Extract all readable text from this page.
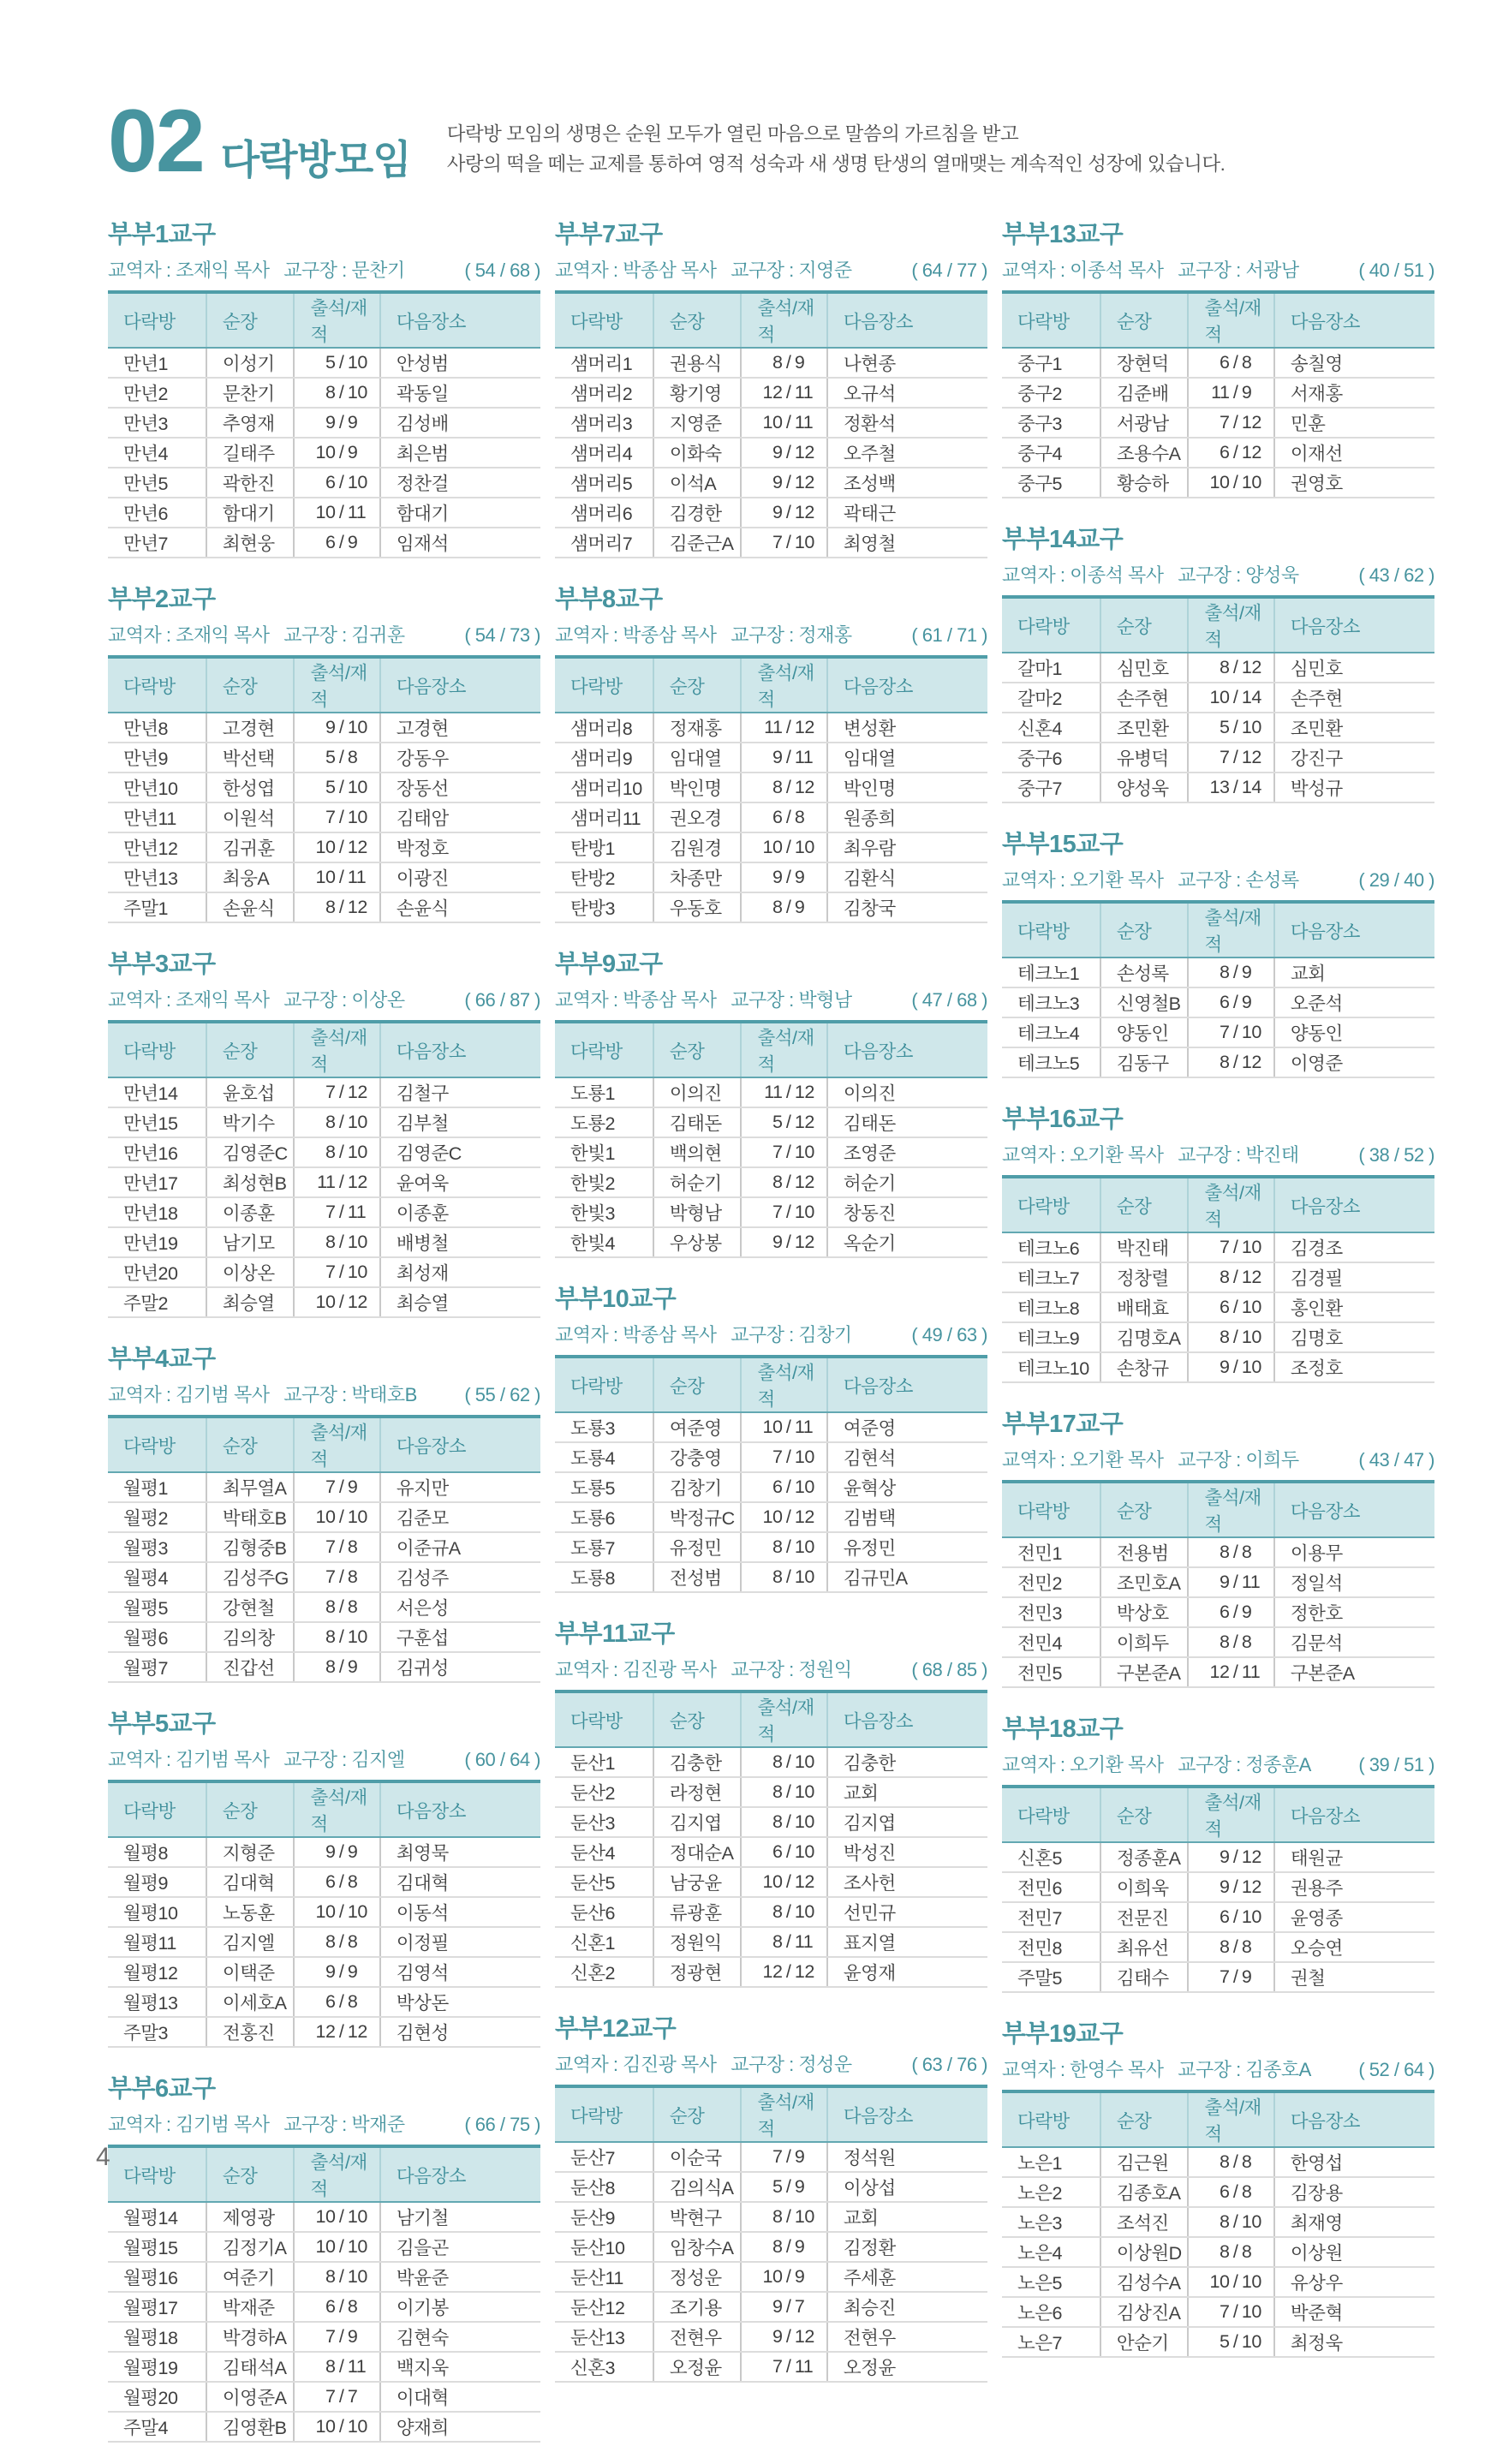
02 다락방모임

다락방 모임의 생명은 순원 모두가 열린 마음으로 말씀의 가르침을 받고
사랑의 떡을 떼는 교제를 통하여 영적 성숙과 새 생명 탄생의 열매맺는 계속적인 성장에 있습니다.

부부1교구
교역자 : 조재익 목사   교구장 : 문찬기	( 54 / 68 )
다락방	순장	출석/재적	다음장소
만년1	이성기	5 / 10	안성범
만년2	문찬기	8 / 10	곽동일
만년3	추영재	9 / 9	김성배
만년4	길태주	10 / 9	최은범
만년5	곽한진	6 / 10	정찬걸
만년6	함대기	10 / 11	함대기
만년7	최현웅	6 / 9	임재석
부부2교구
교역자 : 조재익 목사   교구장 : 김귀훈	( 54 / 73 )
다락방	순장	출석/재적	다음장소
만년8	고경현	9 / 10	고경현
만년9	박선택	5 / 8	강동우
만년10	한성엽	5 / 10	장동선
만년11	이원석	7 / 10	김태암
만년12	김귀훈	10 / 12	박정호
만년13	최웅A	10 / 11	이광진
주말1	손윤식	8 / 12	손윤식
부부3교구
교역자 : 조재익 목사   교구장 : 이상온	( 66 / 87 )
다락방	순장	출석/재적	다음장소
만년14	윤호섭	7 / 12	김철구
만년15	박기수	8 / 10	김부철
만년16	김영준C	8 / 10	김영준C
만년17	최성현B	11 / 12	윤여욱
만년18	이종훈	7 / 11	이종훈
만년19	남기모	8 / 10	배병철
만년20	이상온	7 / 10	최성재
주말2	최승열	10 / 12	최승열
부부4교구
교역자 : 김기범 목사   교구장 : 박태호B	( 55 / 62 )
다락방	순장	출석/재적	다음장소
월평1	최무열A	7 / 9	유지만
월평2	박태호B	10 / 10	김준모
월평3	김형중B	7 / 8	이준규A
월평4	김성주G	7 / 8	김성주
월평5	강현철	8 / 8	서은성
월평6	김의창	8 / 10	구훈섭
월평7	진갑선	8 / 9	김귀성
부부5교구
교역자 : 김기범 목사   교구장 : 김지엘	( 60 / 64 )
다락방	순장	출석/재적	다음장소
월평8	지형준	9 / 9	최영묵
월평9	김대혁	6 / 8	김대혁
월평10	노동훈	10 / 10	이동석
월평11	김지엘	8 / 8	이정필
월평12	이택준	9 / 9	김영석
월평13	이세호A	6 / 8	박상돈
주말3	전홍진	12 / 12	김현성
부부6교구
교역자 : 김기범 목사   교구장 : 박재준	( 66 / 75 )
다락방	순장	출석/재적	다음장소
월평14	제영광	10 / 10	남기철
월평15	김정기A	10 / 10	김을곤
월평16	여준기	8 / 10	박윤준
월평17	박재준	6 / 8	이기봉
월평18	박경하A	7 / 9	김현숙
월평19	김태석A	8 / 11	백지욱
월평20	이영준A	7 / 7	이대혁
주말4	김영환B	10 / 10	양재희
부부7교구
교역자 : 박종삼 목사   교구장 : 지영준	( 64 / 77 )
다락방	순장	출석/재적	다음장소
샘머리1	권용식	8 / 9	나현종
샘머리2	황기영	12 / 11	오규석
샘머리3	지영준	10 / 11	정환석
샘머리4	이화숙	9 / 12	오주철
샘머리5	이석A	9 / 12	조성백
샘머리6	김경한	9 / 12	곽태근
샘머리7	김준근A	7 / 10	최영철
부부8교구
교역자 : 박종삼 목사   교구장 : 정재홍	( 61 / 71 )
다락방	순장	출석/재적	다음장소
샘머리8	정재홍	11 / 12	변성환
샘머리9	임대열	9 / 11	임대열
샘머리10	박인명	8 / 12	박인명
샘머리11	권오경	6 / 8	원종희
탄방1	김원경	10 / 10	최우람
탄방2	차종만	9 / 9	김환식
탄방3	우동호	8 / 9	김창국
부부9교구
교역자 : 박종삼 목사   교구장 : 박형남	( 47 / 68 )
다락방	순장	출석/재적	다음장소
도룡1	이의진	11 / 12	이의진
도룡2	김태돈	5 / 12	김태돈
한빛1	백의현	7 / 10	조영준
한빛2	허순기	8 / 12	허순기
한빛3	박형남	7 / 10	창동진
한빛4	우상봉	9 / 12	옥순기
부부10교구
교역자 : 박종삼 목사   교구장 : 김창기	( 49 / 63 )
다락방	순장	출석/재적	다음장소
도룡3	여준영	10 / 11	여준영
도룡4	강충영	7 / 10	김현석
도룡5	김창기	6 / 10	윤혁상
도룡6	박정규C	10 / 12	김범택
도룡7	유정민	8 / 10	유정민
도룡8	전성범	8 / 10	김규민A
부부11교구
교역자 : 김진광 목사   교구장 : 정원익	( 68 / 85 )
다락방	순장	출석/재적	다음장소
둔산1	김충한	8 / 10	김충한
둔산2	라정현	8 / 10	교회
둔산3	김지엽	8 / 10	김지엽
둔산4	정대순A	6 / 10	박성진
둔산5	남궁윤	10 / 12	조사헌
둔산6	류광훈	8 / 10	선민규
신혼1	정원익	8 / 11	표지열
신혼2	정광현	12 / 12	윤영재
부부12교구
교역자 : 김진광 목사   교구장 : 정성운	( 63 / 76 )
다락방	순장	출석/재적	다음장소
둔산7	이순국	7 / 9	정석원
둔산8	김의식A	5 / 9	이상섭
둔산9	박현구	8 / 10	교회
둔산10	임창수A	8 / 9	김정환
둔산11	정성운	10 / 9	주세훈
둔산12	조기용	9 / 7	최승진
둔산13	전현우	9 / 12	전현우
신혼3	오정윤	7 / 11	오정윤
부부13교구
교역자 : 이종석 목사   교구장 : 서광남	( 40 / 51 )
다락방	순장	출석/재적	다음장소
중구1	장현덕	6 / 8	송칠영
중구2	김준배	11 / 9	서재홍
중구3	서광남	7 / 12	민훈
중구4	조용수A	6 / 12	이재선
중구5	황승하	10 / 10	권영호
부부14교구
교역자 : 이종석 목사   교구장 : 양성욱	( 43 / 62 )
다락방	순장	출석/재적	다음장소
갈마1	심민호	8 / 12	심민호
갈마2	손주현	10 / 14	손주현
신혼4	조민환	5 / 10	조민환
중구6	유병덕	7 / 12	강진구
중구7	양성욱	13 / 14	박성규
부부15교구
교역자 : 오기환 목사   교구장 : 손성록	( 29 / 40 )
다락방	순장	출석/재적	다음장소
테크노1	손성록	8 / 9	교회
테크노3	신영철B	6 / 9	오준석
테크노4	양동인	7 / 10	양동인
테크노5	김동구	8 / 12	이영준
부부16교구
교역자 : 오기환 목사   교구장 : 박진태	( 38 / 52 )
다락방	순장	출석/재적	다음장소
테크노6	박진태	7 / 10	김경조
테크노7	정창렬	8 / 12	김경필
테크노8	배태효	6 / 10	홍인환
테크노9	김명호A	8 / 10	김명호
테크노10	손창규	9 / 10	조정호
부부17교구
교역자 : 오기환 목사   교구장 : 이희두	( 43 / 47 )
다락방	순장	출석/재적	다음장소
전민1	전용범	8 / 8	이용무
전민2	조민호A	9 / 11	정일석
전민3	박상호	6 / 9	정한호
전민4	이희두	8 / 8	김문석
전민5	구본준A	12 / 11	구본준A
부부18교구
교역자 : 오기환 목사   교구장 : 정종훈A	( 39 / 51 )
다락방	순장	출석/재적	다음장소
신혼5	정종훈A	9 / 12	태원균
전민6	이희욱	9 / 12	권용주
전민7	전문진	6 / 10	윤영종
전민8	최유선	8 / 8	오승연
주말5	김태수	7 / 9	권철
부부19교구
교역자 : 한영수 목사   교구장 : 김종호A	( 52 / 64 )
다락방	순장	출석/재적	다음장소
노은1	김근원	8 / 8	한영섭
노은2	김종호A	6 / 8	김장용
노은3	조석진	8 / 10	최재영
노은4	이상원D	8 / 8	이상원
노은5	김성수A	10 / 10	유상우
노은6	김상진A	7 / 10	박준혁
노은7	안순기	5 / 10	최정욱
4
